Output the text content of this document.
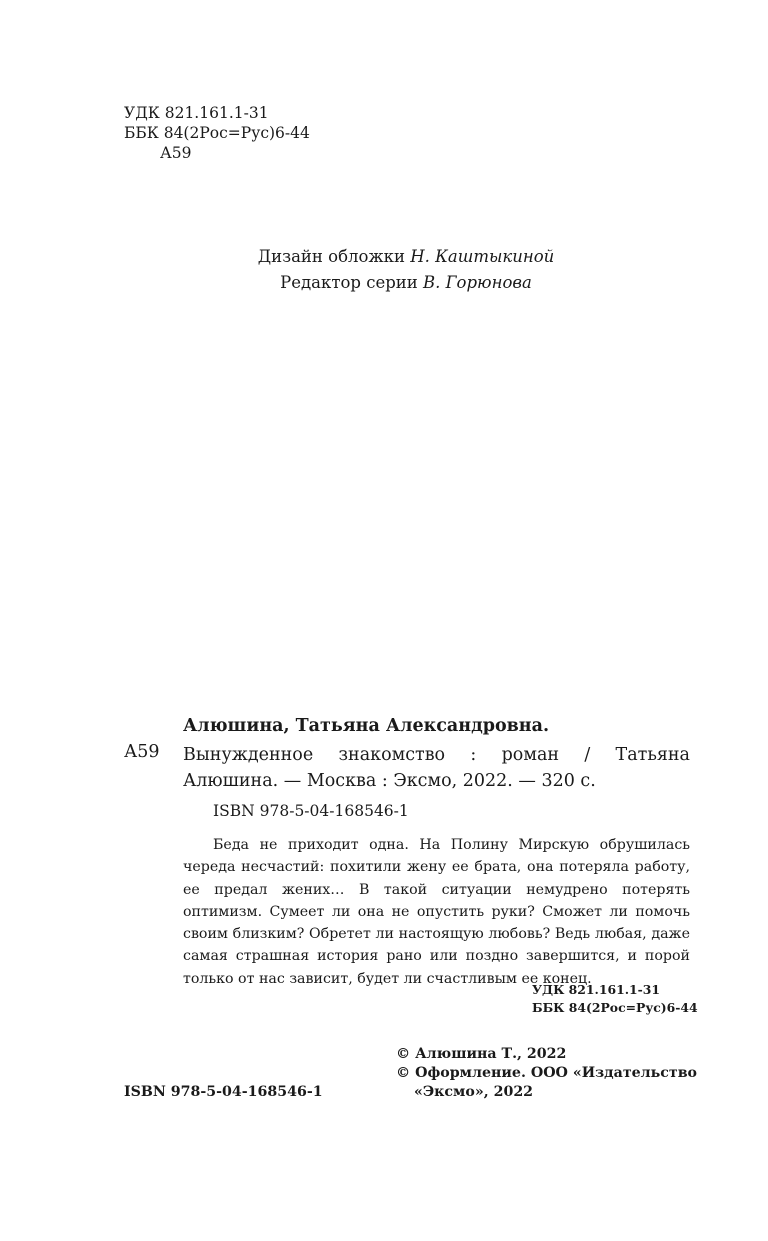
УДК 821.161.1-31
ББК 84(2Рос=Рус)6-44
А59
Дизайн обложки Н. Каштыкиной
Редактор серии В. Горюнова
Алюшина, Татьяна Александровна.
А59 Вынужденное знакомство : роман / Татьяна Алюшина. — Москва : Эксмо, 2022. — 320 с.
ISBN 978-5-04-168546-1
Беда не приходит одна. На Полину Мирскую обрушилась череда несчастий: похитили жену ее брата, она потеряла работу, ее предал жених… В такой ситуации немудрено потерять оптимизм. Сумеет ли она не опустить руки? Сможет ли помочь своим близким? Обретет ли настоящую любовь? Ведь любая, даже самая страшная история рано или поздно завершится, и порой только от нас зависит, будет ли счастливым ее конец.
УДК 821.161.1-31
ББК 84(2Рос=Рус)6-44
© Алюшина Т., 2022
© Оформление. ООО «Издательство
«Эксмо», 2022
ISBN 978-5-04-168546-1
